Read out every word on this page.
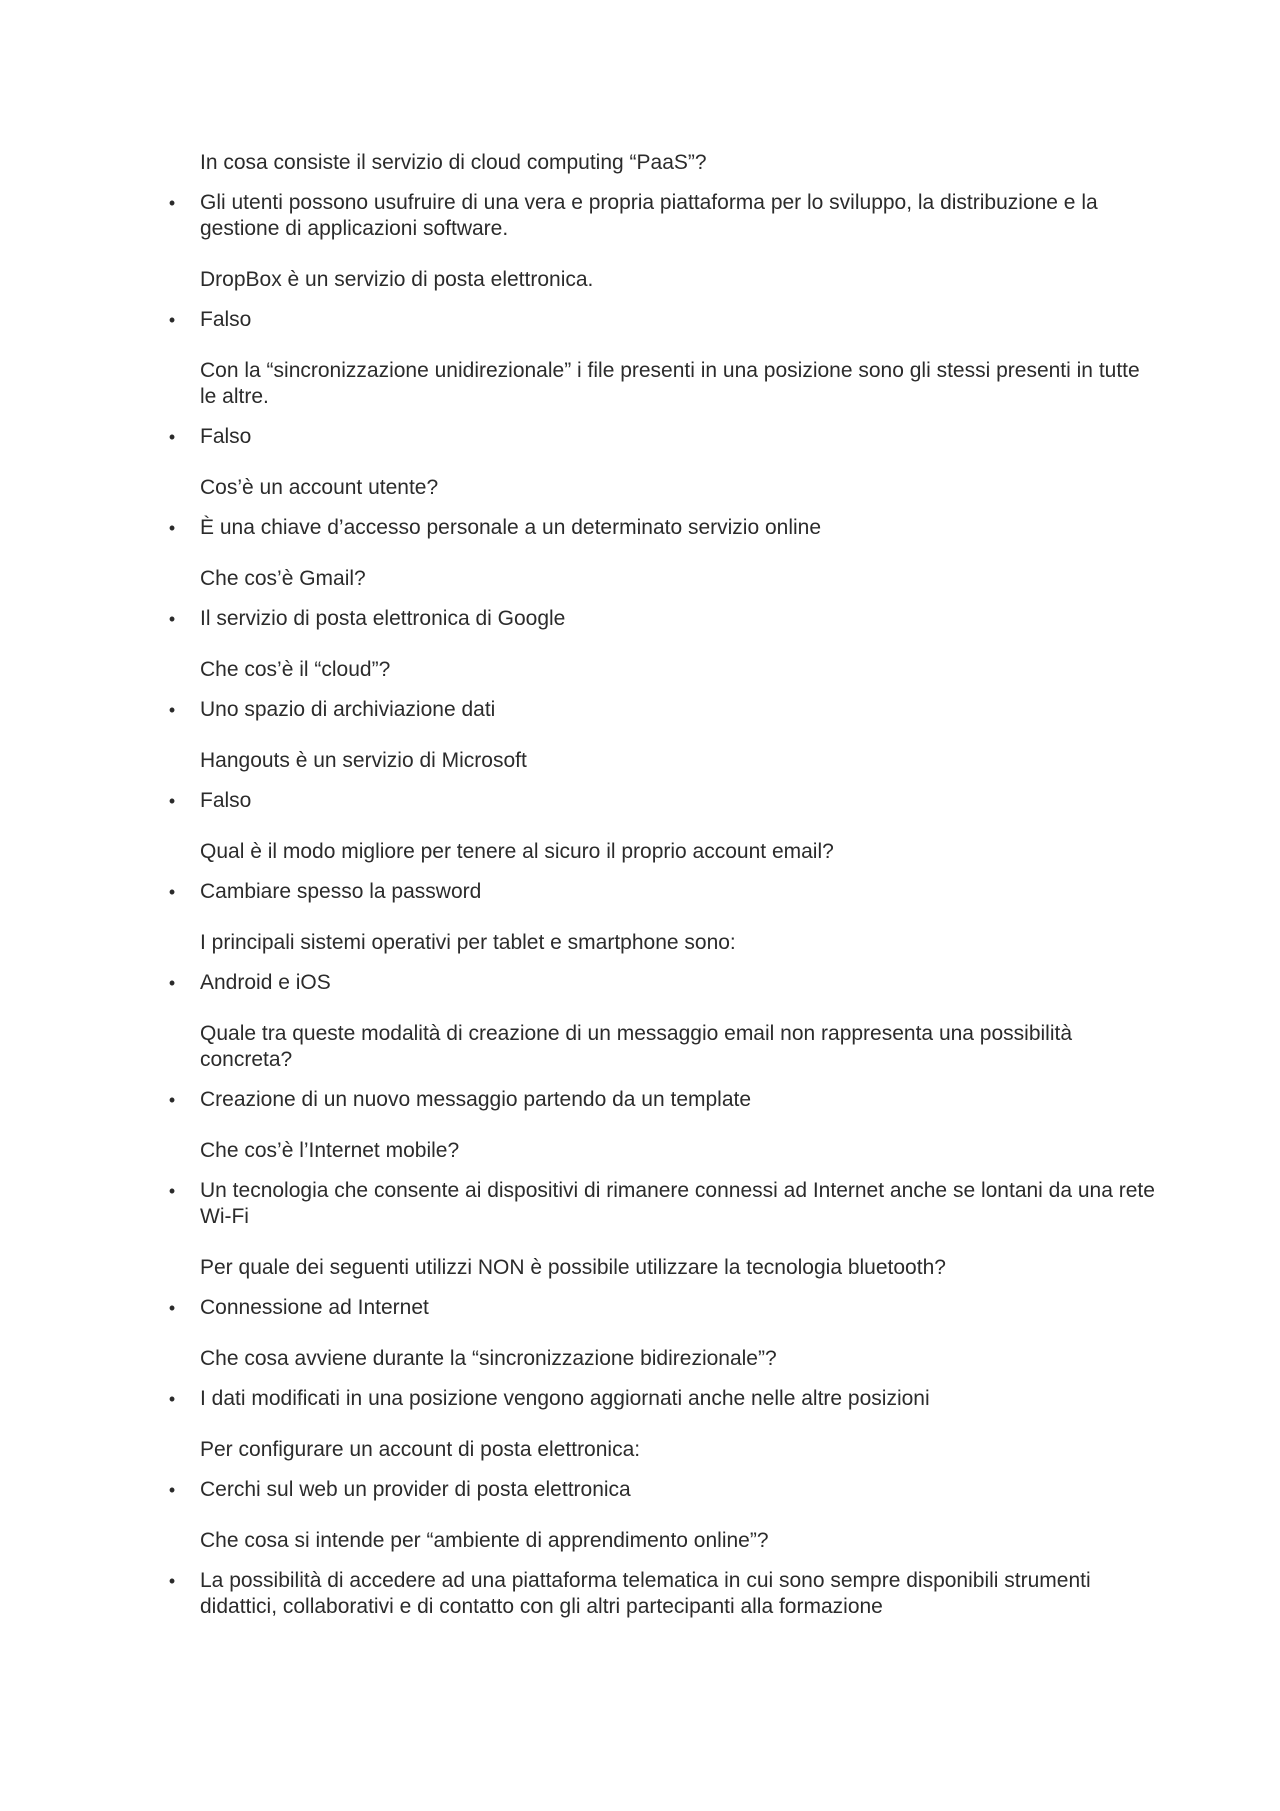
In cosa consiste il servizio di cloud computing “PaaS”?

•	Gli utenti possono usufruire di una vera e propria piattaforma per lo sviluppo, la distribuzione e la gestione di applicazioni software.

DropBox è un servizio di posta elettronica.

•	Falso

Con la “sincronizzazione unidirezionale” i file presenti in una posizione sono gli stessi presenti in tutte le altre.

•	Falso

Cos’è un account utente?

•	È una chiave d’accesso personale a un determinato servizio online

Che cos’è Gmail?

•	Il servizio di posta elettronica di Google

Che cos’è il “cloud”?

•	Uno spazio di archiviazione dati

Hangouts è un servizio di Microsoft

•	Falso

Qual è il modo migliore per tenere al sicuro il proprio account email?

•	Cambiare spesso la password

I principali sistemi operativi per tablet e smartphone sono:

•	Android e iOS

Quale tra queste modalità di creazione di un messaggio email non rappresenta una possibilità concreta?

•	Creazione di un nuovo messaggio partendo da un template

Che cos’è l’Internet mobile?

•	Un tecnologia che consente ai dispositivi di rimanere connessi ad Internet anche se lontani da una rete Wi-Fi

Per quale dei seguenti utilizzi NON è possibile utilizzare la tecnologia bluetooth?

•	Connessione ad Internet

Che cosa avviene durante la “sincronizzazione bidirezionale”?

•	I dati modificati in una posizione vengono aggiornati anche nelle altre posizioni

Per configurare un account di posta elettronica:

•	Cerchi sul web un provider di posta elettronica

Che cosa si intende per “ambiente di apprendimento online”?

•	La possibilità di accedere ad una piattaforma telematica in cui sono sempre disponibili strumenti didattici, collaborativi e di contatto con gli altri partecipanti alla formazione
